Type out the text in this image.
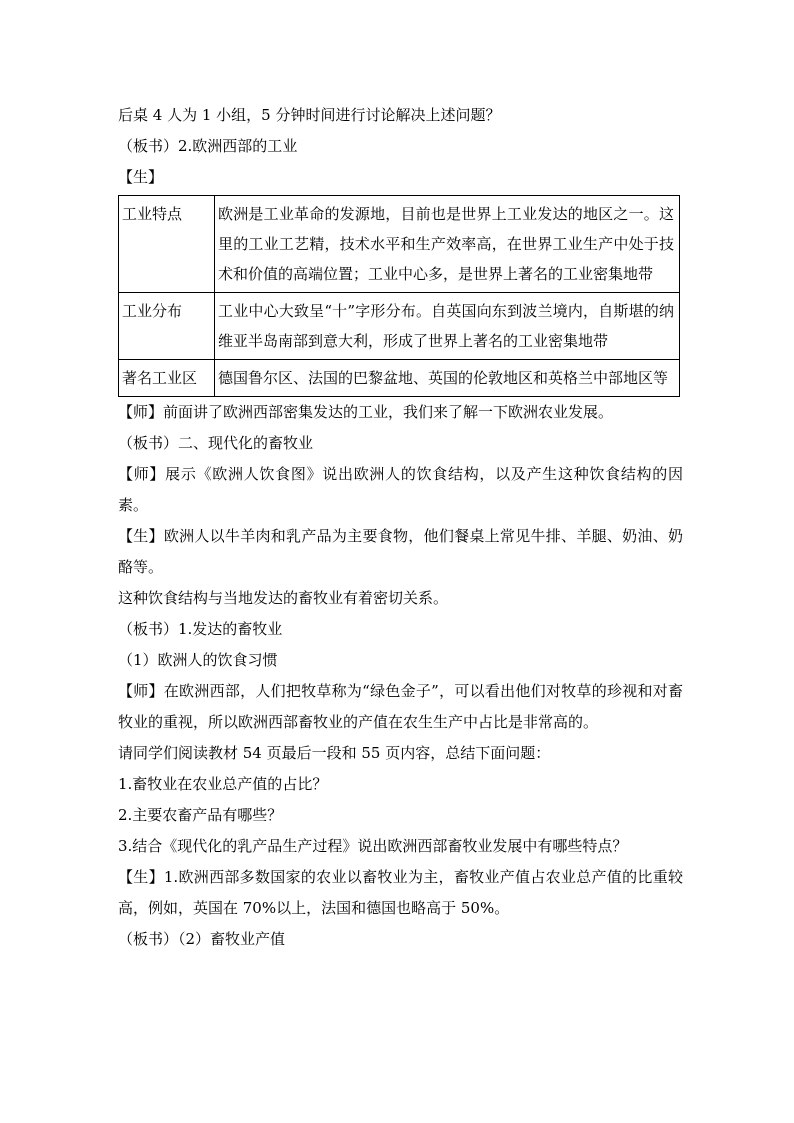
后桌 4 人为 1 小组，5 分钟时间进行讨论解决上述问题？
（板书）2.欧洲西部的工业
【生】
工业特点	欧洲是工业革命的发源地，目前也是世界上工业发达的地区之一。这里的工业工艺精，技术水平和生产效率高，在世界工业生产中处于技术和价值的高端位置；工业中心多，是世界上著名的工业密集地带
工业分布	工业中心大致呈“十”字形分布。自英国向东到波兰境内，自斯堪的纳维亚半岛南部到意大利，形成了世界上著名的工业密集地带
著名工业区	德国鲁尔区、法国的巴黎盆地、英国的伦敦地区和英格兰中部地区等
【师】前面讲了欧洲西部密集发达的工业，我们来了解一下欧洲农业发展。
（板书）二、现代化的畜牧业
【师】展示《欧洲人饮食图》说出欧洲人的饮食结构，以及产生这种饮食结构的因素。
【生】欧洲人以牛羊肉和乳产品为主要食物，他们餐桌上常见牛排、羊腿、奶油、奶酪等。
这种饮食结构与当地发达的畜牧业有着密切关系。
（板书）1.发达的畜牧业
（1）欧洲人的饮食习惯
【师】在欧洲西部，人们把牧草称为“绿色金子”，可以看出他们对牧草的珍视和对畜牧业的重视，所以欧洲西部畜牧业的产值在农生生产中占比是非常高的。
请同学们阅读教材 54 页最后一段和 55 页内容，总结下面问题：
1.畜牧业在农业总产值的占比？
2.主要农畜产品有哪些？
3.结合《现代化的乳产品生产过程》说出欧洲西部畜牧业发展中有哪些特点？
【生】1.欧洲西部多数国家的农业以畜牧业为主，畜牧业产值占农业总产值的比重较高，例如，英国在 70%以上，法国和德国也略高于 50%。
（板书）（2）畜牧业产值
